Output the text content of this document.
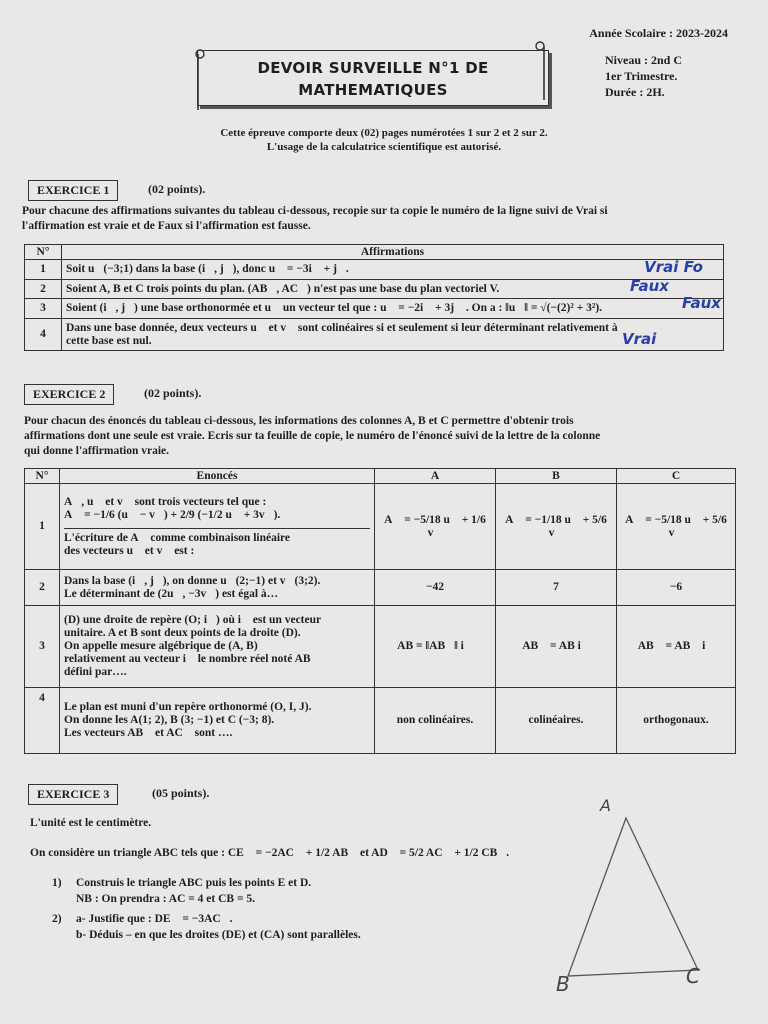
Année Scolaire : 2023-2024
Niveau : 2nd C
1er Trimestre.
Durée : 2H.
DEVOIR SURVEILLE N°1 DE
MATHEMATIQUES
Cette épreuve comporte deux (02) pages numérotées 1 sur 2 et 2 sur 2.
L'usage de la calculatrice scientifique est autorisé.
EXERCICE 1	(02 points).
Pour chacune des affirmations suivantes du tableau ci-dessous, recopie sur ta copie le numéro de la ligne suivi de Vrai si
l'affirmation est vraie et de Faux si l'affirmation est fausse.
N°	Affirmations
1	Soit u⃗(−3;1) dans la base (i⃗, j⃗), donc u⃗ = −3i⃗ + j⃗. Vrai Fo

2	Soient A, B et C trois points du plan. (AB⃗, AC⃗) n'est pas une base du plan vectoriel V. Faux

3	Soient (i⃗, j⃗) une base orthonormée et u⃗ un vecteur tel que : u⃗ = −2i⃗ + 3j⃗ . On a : ‖u⃗‖ = √(−(2)² + 3²). Faux

4	Dans une base donnée, deux vecteurs u⃗ et v⃗ sont colinéaires si et seulement si leur déterminant relativement à
cette base est nul. Vrai
EXERCICE 2	(02 points).
Pour chacun des énoncés du tableau ci-dessous, les informations des colonnes A, B et C permettre d'obtenir trois
affirmations dont une seule est vraie. Ecris sur ta feuille de copie, le numéro de l'énoncé suivi de la lettre de la colonne
qui donne l'affirmation vraie.
N°	Enoncés	A	B	C
1	A⃗, u⃗ et v⃗ sont trois vecteurs tel que :
A⃗ = −1/6 (u⃗ − v⃗) + 2/9 (−1/2 u⃗ + 3v⃗).
L'écriture de A⃗ comme combinaison linéaire
des vecteurs u⃗ et v⃗ est :	A⃗ = −5/18 u⃗ + 1/6 v⃗	A⃗ = −1/18 u⃗ + 5/6 v⃗	A⃗ = −5/18 u⃗ + 5/6 v⃗
2	Dans la base (i⃗, j⃗), on donne u⃗(2;−1) et v⃗(3;2).
Le déterminant de (2u⃗, −3v⃗) est égal à…	−42	7	−6
3	(D) une droite de repère (O; i⃗) où i⃗ est un vecteur
unitaire. A et B sont deux points de la droite (D).
On appelle mesure algébrique de (A, B)
relativement au vecteur i⃗ le nombre réel noté AB
défini par….	AB = ‖AB⃗‖ i⃗	AB⃗ = AB i⃗	AB⃗ = AB⃗ i⃗
4	Le plan est muni d'un repère orthonormé (O, I, J).
On donne les A(1; 2), B (3; −1) et C (−3; 8).
Les vecteurs AB⃗ et AC⃗ sont ….	non colinéaires.	colinéaires.	orthogonaux.
EXERCICE 3	(05 points).
L'unité est le centimètre.
On considère un triangle ABC tels que : CE⃗ = −2AC⃗ + 1/2 AB⃗ et AD⃗ = 5/2 AC⃗ + 1/2 CB⃗.
1) Construis le triangle ABC puis les points E et D.
NB : On prendra : AC = 4 et CB = 5.
2) a- Justifie que : DE⃗ = −3AC⃗.
b- Déduis – en que les droites (DE) et (CA) sont parallèles.
A
B	C
